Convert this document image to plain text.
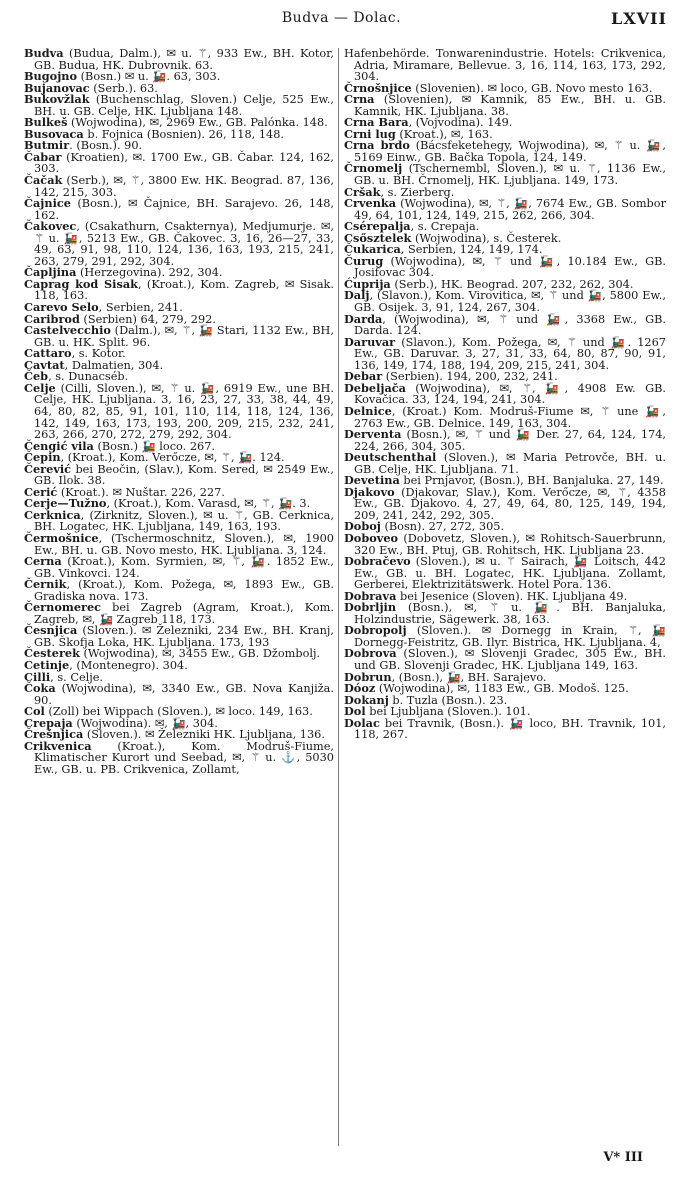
Budva — Dolac.	LXVII

Budva (Budua, Dalm.), ✉ u. ⚚, 933 Ew., BH. Kotor, GB. Budua, HK. Dubrovnik. 63.

Bugojno (Bosn.) ✉ u. 🚂. 63, 303.

Bujanovac (Serb.). 63.

Bukovžlak (Buchenschlag, Sloven.) Celje, 525 Ew., BH. u. GB. Celje, HK. Ljubljana 148.

Bulkeš (Wojwodina), ✉, 2969 Ew., GB. Palónka. 148.

Busovaca b. Fojnica (Bosnien). 26, 118, 148.

Butmir. (Bosn.). 90.

Čabar (Kroatien), ✉. 1700 Ew., GB. Čabar. 124, 162, 303.

Čačak (Serb.), ✉, ⚚, 3800 Ew. HK. Beograd. 87, 136, 142, 215, 303.

Čajnice (Bosn.), ✉ Čajnice, BH. Sarajevo. 26, 148, 162.

Čakovec, (Csakathurn, Csakternya), Medjumurje. ✉, ⚚ u. 🚂, 5213 Ew., GB. Čakovec. 3, 16, 26—27, 33, 49, 63, 91, 98, 110, 124, 136, 163, 193, 215, 241, 263, 279, 291, 292, 304.

Čapljina (Herzegovina). 292, 304.

Caprag kod Sisak, (Kroat.), Kom. Zagreb, ✉ Sisak. 118, 163.

Carevo Selo, Serbien, 241.

Caribrod (Serbien) 64, 279, 292.

Castelvecchio (Dalm.), ✉, ⚚, 🚂 Stari, 1132 Ew., BH, GB. u. HK. Split. 96.

Cattaro, s. Kotor.

Cavtat, Dalmatien, 304.

Čeb, s. Dunacséb.

Celje (Cilli, Sloven.), ✉, ⚚ u. 🚂, 6919 Ew., une BH. Celje, HK. Ljubljana. 3, 16, 23, 27, 33, 38, 44, 49, 64, 80, 82, 85, 91, 101, 110, 114, 118, 124, 136, 142, 149, 163, 173, 193, 200, 209, 215, 232, 241, 263, 266, 270, 272, 279, 292, 304.

Čengić vila (Bosn.) 🚂 loco. 267.

Čepin, (Kroat.), Kom. Verőcze, ✉, ⚚, 🚂. 124.

Čerević bei Beočin, (Slav.), Kom. Sered, ✉ 2549 Ew., GB. Ilok. 38.

Cerić (Kroat.). ✉ Nuštar. 226, 227.

Cerje—Tužno, (Kroat.), Kom. Varasd, ✉, ⚚, 🚂. 3.

Cerknica, (Zirknitz, Sloven.), ✉ u. ⚚, GB. Cerknica, BH. Logatec, HK. Ljubljana, 149, 163, 193.

Čermošnice, (Tschermoschnitz, Sloven.), ✉, 1900 Ew., BH. u. GB. Novo mesto, HK. Ljubljana. 3, 124.

Cerna (Kroat.), Kom. Syrmien, ✉, ⚚, 🚂. 1852 Ew., GB. Vinkovci. 124.

Černik, (Kroat.), Kom. Požega, ✉, 1893 Ew., GB. Gradiska nova. 173.

Černomerec bei Zagreb (Agram, Kroat.), Kom. Zagreb, ✉, 🚂 Zagreb 118, 173.

Česnjica (Sloven.). ✉ Železniki, 234 Ew., BH. Kranj, GB. Škofja Loka, HK. Ljubljana. 173, 193

Česterek (Wojwodina), ✉, 3455 Ew., GB. Džombolj.

Cetinje, (Montenegro). 304.

Cilli, s. Celje.

Čoka (Wojwodina), ✉, 3340 Ew., GB. Nova Kanjiža. 90.

Col (Zoll) bei Wippach (Sloven.), ✉ loco. 149, 163.

Crepaja (Wojwodina). ✉, 🚂, 304.

Črešnjica (Sloven.). ✉ Železniki HK. Ljubljana, 136.

Crikvenica (Kroat.), Kom. Modruš-Fiume, Klimatischer Kurort und Seebad, ✉, ⚚ u. ⚓, 5030 Ew., GB. u. PB. Crikvenica, Zollamt,

Hafenbehörde. Tonwarenindustrie. Hotels: Crikvenica, Adria, Miramare, Bellevue. 3, 16, 114, 163, 173, 292, 304.

Črnošnjice (Slovenien). ✉ loco, GB. Novo mesto 163.

Crna (Slovenien), ✉ Kamnik, 85 Ew., BH. u. GB. Kamnik, HK. Ljubljana. 38.

Crna Bara, (Vojvodina). 149.

Crni lug (Kroat.), ✉, 163.

Crna brdo (Bácsfeketehegy, Wojwodina), ✉, ⚚ u. 🚂, 5169 Einw., GB. Bačka Topola, 124, 149.

Črnomelj (Tschernembl, Sloven.), ✉ u. ⚚, 1136 Ew., GB. u. BH. Črnomelj, HK. Ljubljana. 149, 173.

Cršak, s. Zierberg.

Crvenka (Wojwodina), ✉, ⚚, 🚂, 7674 Ew., GB. Sombor 49, 64, 101, 124, 149, 215, 262, 266, 304.

Csérepalja, s. Crepaja.

Csősztelek (Wojwodina), s. Česterek.

Čukarica, Serbien, 124, 149, 174.

Čurug (Wojwodina), ✉, ⚚ und 🚂, 10.184 Ew., GB. Josifovac 304.

Ćuprija (Serb.), HK. Beograd. 207, 232, 262, 304.

Dalj, (Slavon.), Kom. Virovitica, ✉, ⚚ und 🚂, 5800 Ew., GB. Osijek. 3, 91, 124, 267, 304.

Darda, (Wojwodina), ✉, ⚚ und 🚂, 3368 Ew., GB. Darda. 124.

Daruvar (Slavon.), Kom. Požega, ✉, ⚚ und 🚂. 1267 Ew., GB. Daruvar. 3, 27, 31, 33, 64, 80, 87, 90, 91, 136, 149, 174, 188, 194, 209, 215, 241, 304.

Debar (Serbien). 194, 200, 232, 241.

Debeljača (Wojwodina), ✉, ⚚, 🚂, 4908 Ew. GB. Kovačica. 33, 124, 194, 241, 304.

Delnice, (Kroat.) Kom. Modruš-Fiume ✉, ⚚ une 🚂, 2763 Ew., GB. Delnice. 149, 163, 304.

Derventa (Bosn.), ✉, ⚚ und 🚂 Der. 27, 64, 124, 174, 224, 266, 304, 305.

Deutschenthal (Sloven.), ✉ Maria Petrovče, BH. u. GB. Celje, HK. Ljubljana. 71.

Devetina bei Prnjavor, (Bosn.), BH. Banjaluka. 27, 149.

Djakovo (Djakovar, Slav.), Kom. Verőcze, ✉, ⚚, 4358 Ew., GB. Djakovo. 4, 27, 49, 64, 80, 125, 149, 194, 209, 241, 242, 292, 305.

Doboj (Bosn). 27, 272, 305.

Doboveo (Dobovetz, Sloven.), ✉ Rohitsch-Sauerbrunn, 320 Ew., BH. Ptuj, GB. Rohitsch, HK. Ljubljana 23.

Dobračevo (Sloven.), ✉ u. ⚚ Sairach, 🚂 Loitsch, 442 Ew., GB. u. BH. Logatec, HK. Ljubljana. Zollamt, Gerberei, Elektrizitätswerk. Hotel Pora. 136.

Dobrava bei Jesenice (Sloven). HK. Ljubljana 49.

Dobrljin (Bosn.), ✉, ⚚ u. 🚂. BH. Banjaluka, Holzindustrie, Sägewerk. 38, 163.

Dobropolj (Sloven.). ✉ Dornegg in Krain, ⚚, 🚂 Dornegg-Feistritz, GB. Ilyr. Bistrica, HK. Ljubljana. 4,

Dobrova (Sloven.), ✉ Slovenji Gradec, 305 Ew., BH. und GB. Slovenji Gradec, HK. Ljubljana 149, 163.

Dobrun, (Bosn.), 🚂, BH. Sarajevo.

Dóoz (Wojwodina), ✉, 1183 Ew., GB. Modoš. 125.

Dokanj b. Tuzla (Bosn.). 23.

Dol bei Ljubljana (Sloven.). 101.

Dolac bei Travnik, (Bosn.). 🚂 loco, BH. Travnik, 101, 118, 267.

V* III
